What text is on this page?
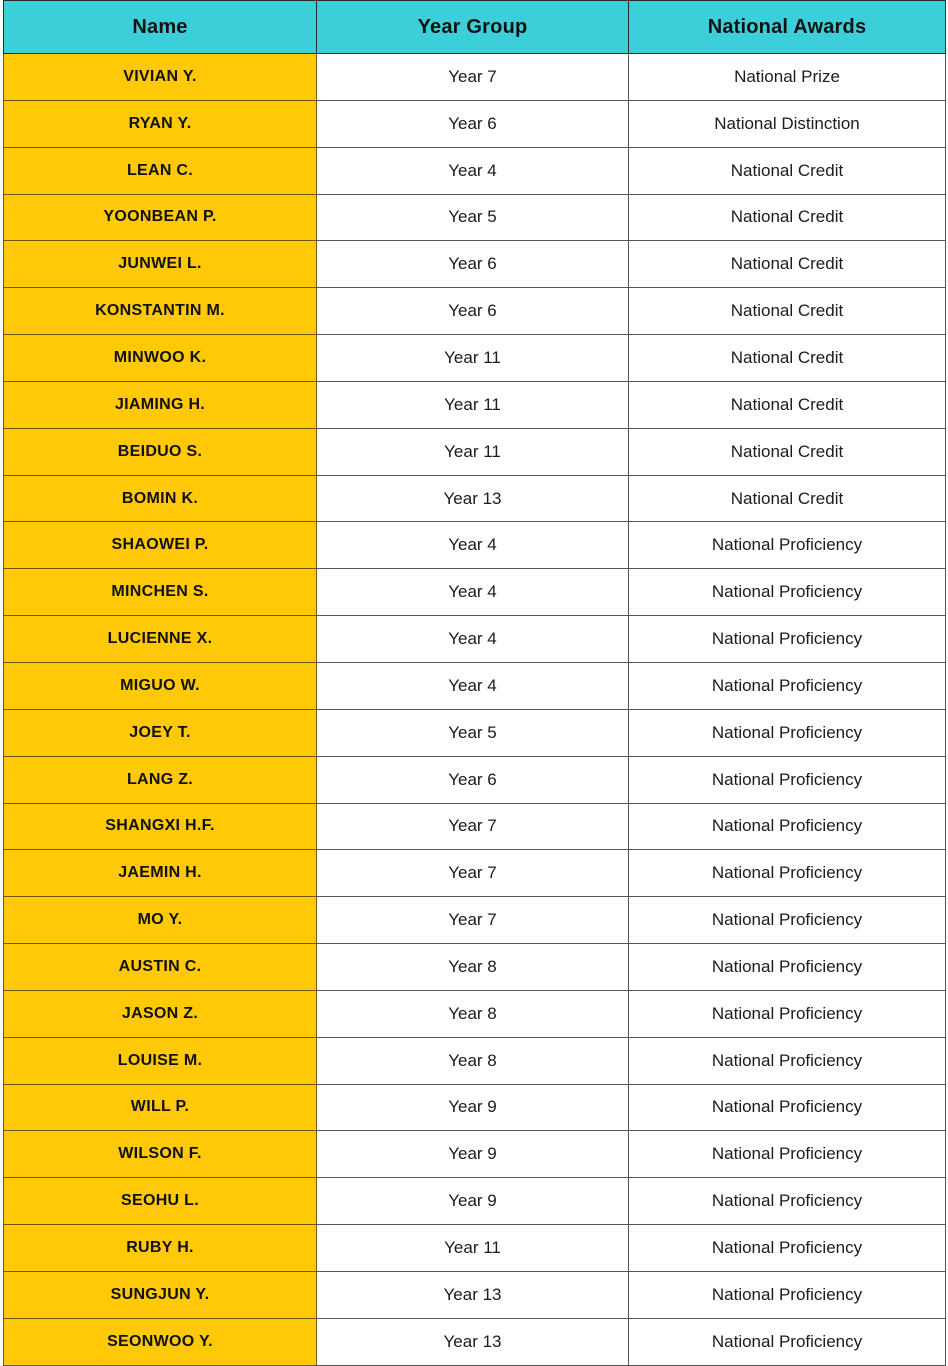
Name	Year Group	National Awards
VIVIAN Y.	Year 7	National Prize
RYAN Y.	Year 6	National Distinction
LEAN C.	Year 4	National Credit
YOONBEAN P.	Year 5	National Credit
JUNWEI L.	Year 6	National Credit
KONSTANTIN M.	Year 6	National Credit
MINWOO K.	Year 11	National Credit
JIAMING H.	Year 11	National Credit
BEIDUO S.	Year 11	National Credit
BOMIN K.	Year 13	National Credit
SHAOWEI P.	Year 4	National Proficiency
MINCHEN S.	Year 4	National Proficiency
LUCIENNE X.	Year 4	National Proficiency
MIGUO W.	Year 4	National Proficiency
JOEY T.	Year 5	National Proficiency
LANG Z.	Year 6	National Proficiency
SHANGXI H.F.	Year 7	National Proficiency
JAEMIN H.	Year 7	National Proficiency
MO Y.	Year 7	National Proficiency
AUSTIN C.	Year 8	National Proficiency
JASON Z.	Year 8	National Proficiency
LOUISE M.	Year 8	National Proficiency
WILL P.	Year 9	National Proficiency
WILSON F.	Year 9	National Proficiency
SEOHU L.	Year 9	National Proficiency
RUBY H.	Year 11	National Proficiency
SUNGJUN Y.	Year 13	National Proficiency
SEONWOO Y.	Year 13	National Proficiency
